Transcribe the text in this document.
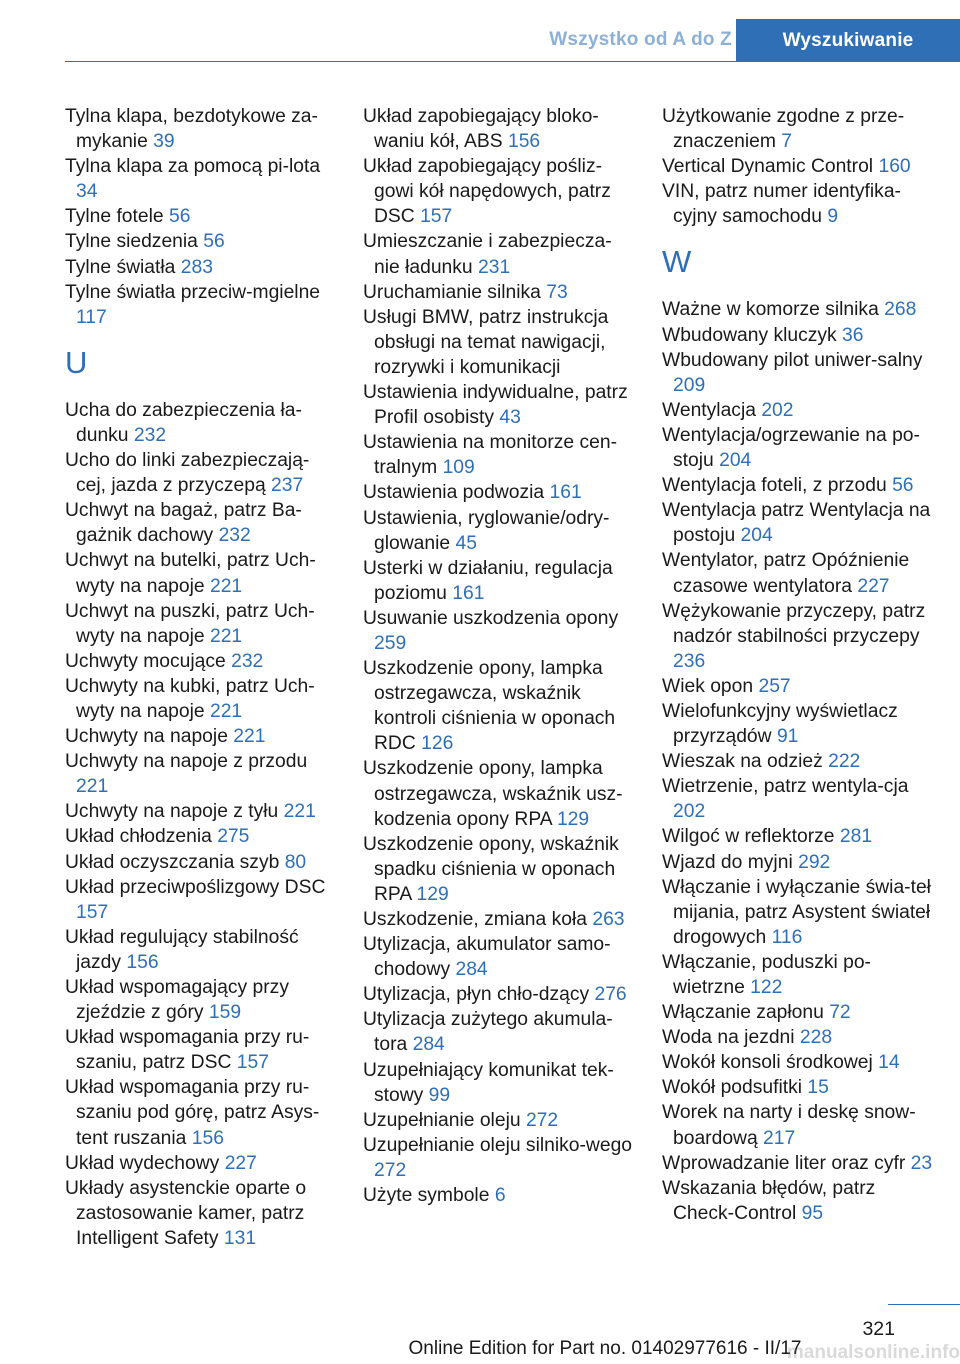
Wszystko od A do Z	Wyszukiwanie
Tylna klapa, bezdotykowe za-mykanie 39
Tylna klapa za pomocą pi-lota 34
Tylne fotele 56
Tylne siedzenia 56
Tylne światła 283
Tylne światła przeciw-mgielne 117
U
Ucha do zabezpieczenia ła-dunku 232
Ucho do linki zabezpieczają-cej, jazda z przyczepą 237
Uchwyt na bagaż, patrz Ba-gażnik dachowy 232
Uchwyt na butelki, patrz Uch-wyty na napoje 221
Uchwyt na puszki, patrz Uch-wyty na napoje 221
Uchwyty mocujące 232
Uchwyty na kubki, patrz Uch-wyty na napoje 221
Uchwyty na napoje 221
Uchwyty na napoje z przodu 221
Uchwyty na napoje z tyłu 221
Układ chłodzenia 275
Układ oczyszczania szyb 80
Układ przeciwpoślizgowy DSC 157
Układ regulujący stabilność jazdy 156
Układ wspomagający przy zjeździe z góry 159
Układ wspomagania przy ru-szaniu, patrz DSC 157
Układ wspomagania przy ru-szaniu pod górę, patrz Asys-tent ruszania 156
Układ wydechowy 227
Układy asystenckie oparte o zastosowanie kamer, patrz Intelligent Safety 131
Układ zapobiegający bloko-waniu kół, ABS 156
Układ zapobiegający pośliz-gowi kół napędowych, patrz DSC 157
Umieszczanie i zabezpiecza-nie ładunku 231
Uruchamianie silnika 73
Usługi BMW, patrz instrukcja obsługi na temat nawigacji, rozrywki i komunikacji
Ustawienia indywidualne, patrz Profil osobisty 43
Ustawienia na monitorze cen-tralnym 109
Ustawienia podwozia 161
Ustawienia, ryglowanie/odry-glowanie 45
Usterki w działaniu, regulacja poziomu 161
Usuwanie uszkodzenia opony 259
Uszkodzenie opony, lampka ostrzegawcza, wskaźnik kontroli ciśnienia w oponach RDC 126
Uszkodzenie opony, lampka ostrzegawcza, wskaźnik usz-kodzenia opony RPA 129
Uszkodzenie opony, wskaźnik spadku ciśnienia w oponach RPA 129
Uszkodzenie, zmiana koła 263
Utylizacja, akumulator samo-chodowy 284
Utylizacja, płyn chło-dzący 276
Utylizacja zużytego akumula-tora 284
Uzupełniający komunikat tek-stowy 99
Uzupełnianie oleju 272
Uzupełnianie oleju silniko-wego 272
Użyte symbole 6
Użytkowanie zgodne z prze-znaczeniem 7
Vertical Dynamic Control 160
VIN, patrz numer identyfika-cyjny samochodu 9
W
Ważne w komorze silnika 268
Wbudowany kluczyk 36
Wbudowany pilot uniwer-salny 209
Wentylacja 202
Wentylacja/ogrzewanie na po-stoju 204
Wentylacja foteli, z przodu 56
Wentylacja patrz Wentylacja na postoju 204
Wentylator, patrz Opóźnienie czasowe wentylatora 227
Wężykowanie przyczepy, patrz nadzór stabilności przyczepy 236
Wiek opon 257
Wielofunkcyjny wyświetlacz przyrządów 91
Wieszak na odzież 222
Wietrzenie, patrz wentyla-cja 202
Wilgoć w reflektorze 281
Wjazd do myjni 292
Włączanie i wyłączanie świa-teł mijania, patrz Asystent świateł drogowych 116
Włączanie, poduszki po-wietrzne 122
Włączanie zapłonu 72
Woda na jezdni 228
Wokół konsoli środkowej 14
Wokół podsufitki 15
Worek na narty i deskę snow-boardową 217
Wprowadzanie liter oraz cyfr 23
Wskazania błędów, patrz Check-Control 95
321
Online Edition for Part no. 01402977616 - II/17
manualsonline.info
